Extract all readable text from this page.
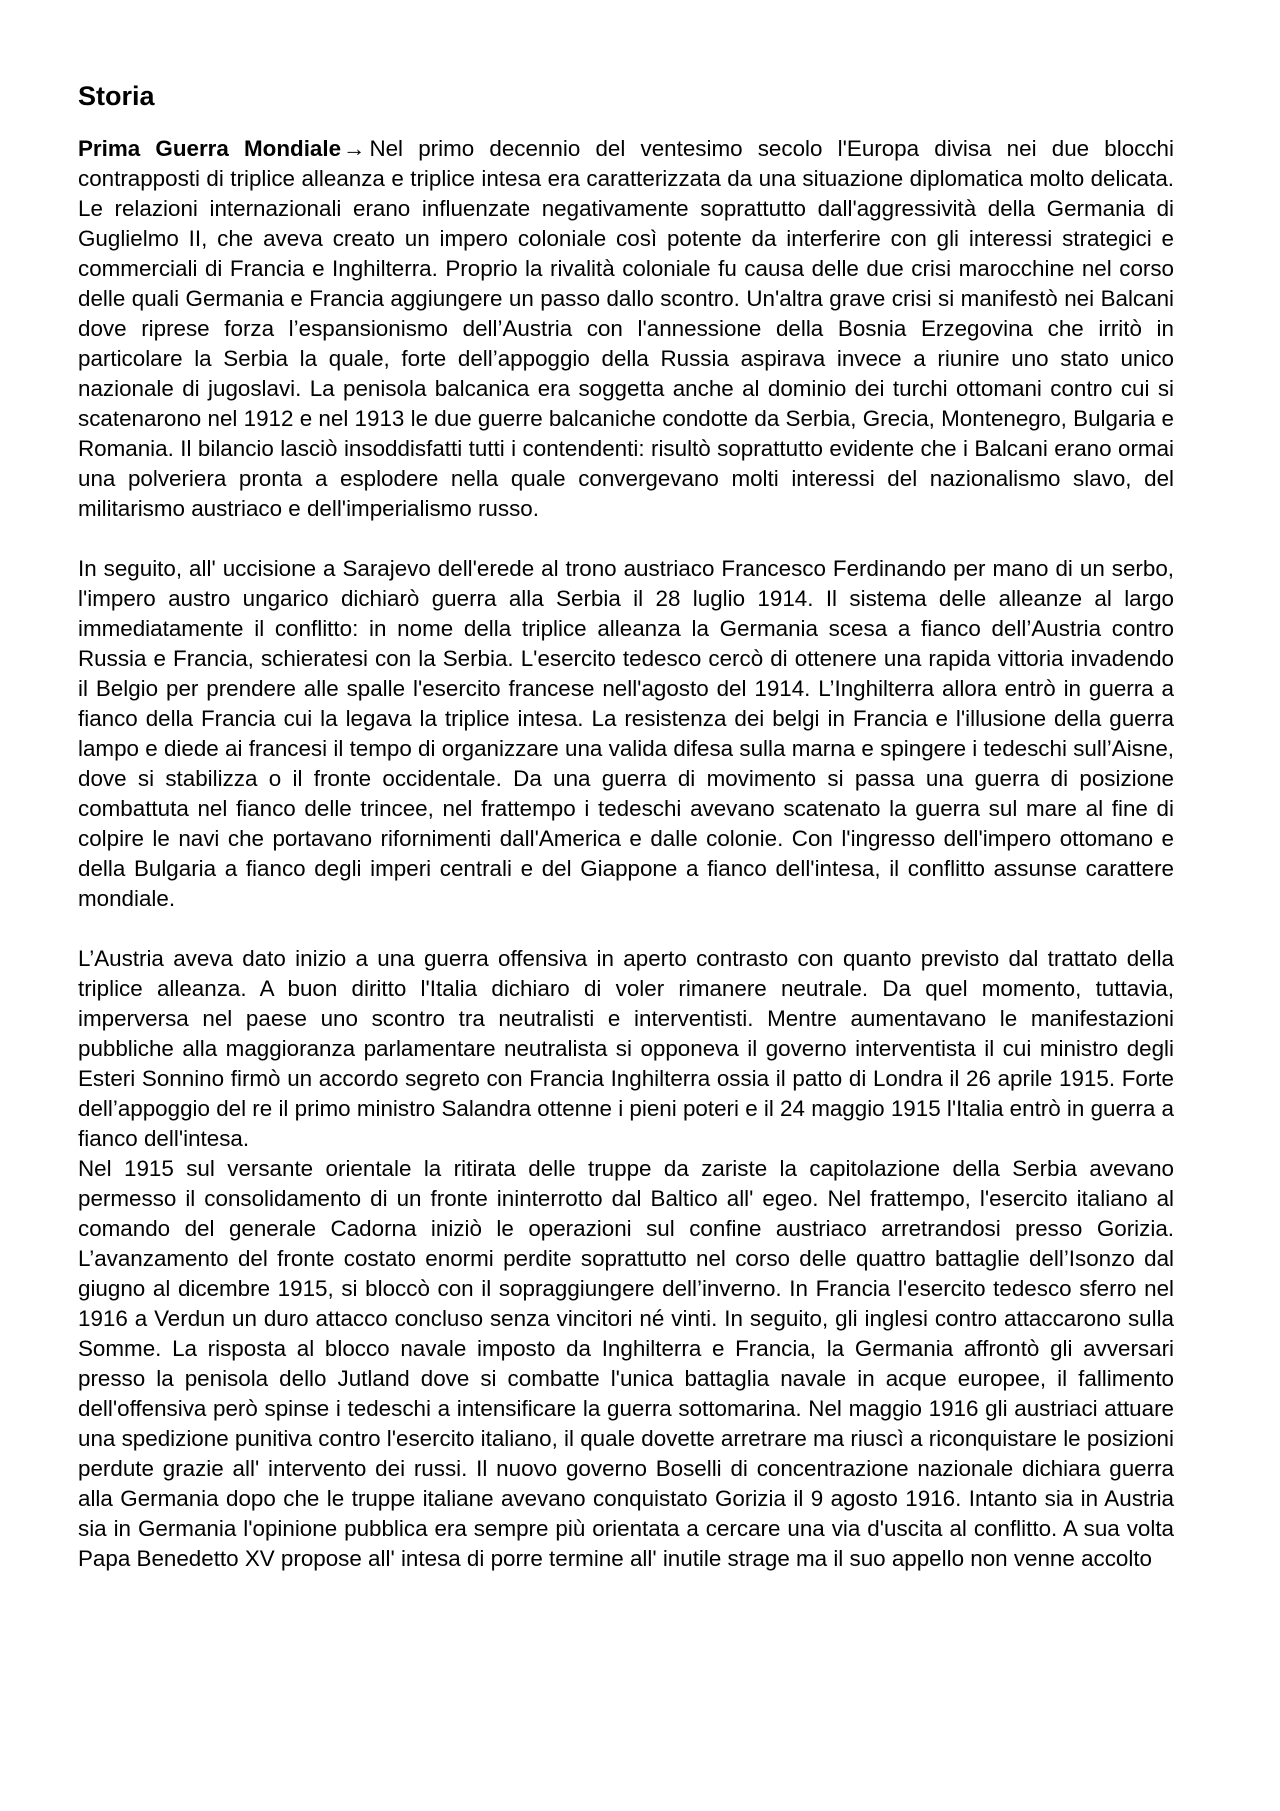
Storia

Prima Guerra Mondiale→ Nel primo decennio del ventesimo secolo l'Europa divisa nei due blocchi contrapposti di triplice alleanza e triplice intesa era caratterizzata da una situazione diplomatica molto delicata. Le relazioni internazionali erano influenzate negativamente soprattutto dall'aggressività della Germania di Guglielmo II, che aveva creato un impero coloniale così potente da interferire con gli interessi strategici e commerciali di Francia e Inghilterra. Proprio la rivalità coloniale fu causa delle due crisi marocchine nel corso delle quali Germania e Francia aggiungere un passo dallo scontro. Un'altra grave crisi si manifestò nei Balcani dove riprese forza l’espansionismo dell’Austria con l'annessione della Bosnia Erzegovina che irritò in particolare la Serbia la quale, forte dell’appoggio della Russia aspirava invece a riunire uno stato unico nazionale di jugoslavi. La penisola balcanica era soggetta anche al dominio dei turchi ottomani contro cui si scatenarono nel 1912 e nel 1913 le due guerre balcaniche condotte da Serbia, Grecia, Montenegro, Bulgaria e Romania. Il bilancio lasciò insoddisfatti tutti i contendenti: risultò soprattutto evidente che i Balcani erano ormai una polveriera pronta a esplodere nella quale convergevano molti interessi del nazionalismo slavo, del militarismo austriaco e dell'imperialismo russo.

In seguito, all' uccisione a Sarajevo dell'erede al trono austriaco Francesco Ferdinando per mano di un serbo, l'impero austro ungarico dichiarò guerra alla Serbia il 28 luglio 1914. Il sistema delle alleanze al largo immediatamente il conflitto: in nome della triplice alleanza la Germania scesa a fianco dell’Austria contro Russia e Francia, schieratesi con la Serbia. L'esercito tedesco cercò di ottenere una rapida vittoria invadendo il Belgio per prendere alle spalle l'esercito francese nell'agosto del 1914. L’Inghilterra allora entrò in guerra a fianco della Francia cui la legava la triplice intesa. La resistenza dei belgi in Francia e l'illusione della guerra lampo e diede ai francesi il tempo di organizzare una valida difesa sulla marna e spingere i tedeschi sull’Aisne, dove si stabilizza o il fronte occidentale. Da una guerra di movimento si passa una guerra di posizione combattuta nel fianco delle trincee, nel frattempo i tedeschi avevano scatenato la guerra sul mare al fine di colpire le navi che portavano rifornimenti dall'America e dalle colonie. Con l'ingresso dell'impero ottomano e della Bulgaria a fianco degli imperi centrali e del Giappone a fianco dell'intesa, il conflitto assunse carattere mondiale.

L’Austria aveva dato inizio a una guerra offensiva in aperto contrasto con quanto previsto dal trattato della triplice alleanza. A buon diritto l'Italia dichiaro di voler rimanere neutrale. Da quel momento, tuttavia, imperversa nel paese uno scontro tra neutralisti e interventisti. Mentre aumentavano le manifestazioni pubbliche alla maggioranza parlamentare neutralista si opponeva il governo interventista il cui ministro degli Esteri Sonnino firmò un accordo segreto con Francia Inghilterra ossia il patto di Londra il 26 aprile 1915. Forte dell’appoggio del re il primo ministro Salandra ottenne i pieni poteri e il 24 maggio 1915 l'Italia entrò in guerra a fianco dell'intesa.

Nel 1915 sul versante orientale la ritirata delle truppe da zariste la capitolazione della Serbia avevano permesso il consolidamento di un fronte ininterrotto dal Baltico all' egeo. Nel frattempo, l'esercito italiano al comando del generale Cadorna iniziò le operazioni sul confine austriaco arretrandosi presso Gorizia. L’avanzamento del fronte costato enormi perdite soprattutto nel corso delle quattro battaglie dell’Isonzo dal giugno al dicembre 1915, si bloccò con il sopraggiungere dell’inverno. In Francia l'esercito tedesco sferro nel 1916 a Verdun un duro attacco concluso senza vincitori né vinti. In seguito, gli inglesi contro attaccarono sulla Somme. La risposta al blocco navale imposto da Inghilterra e Francia, la Germania affrontò gli avversari presso la penisola dello Jutland dove si combatte l'unica battaglia navale in acque europee, il fallimento dell'offensiva però spinse i tedeschi a intensificare la guerra sottomarina. Nel maggio 1916 gli austriaci attuare una spedizione punitiva contro l'esercito italiano, il quale dovette arretrare ma riuscì a riconquistare le posizioni perdute grazie all' intervento dei russi. Il nuovo governo Boselli di concentrazione nazionale dichiara guerra alla Germania dopo che le truppe italiane avevano conquistato Gorizia il 9 agosto 1916. Intanto sia in Austria sia in Germania l'opinione pubblica era sempre più orientata a cercare una via d'uscita al conflitto. A sua volta Papa Benedetto XV propose all' intesa di porre termine all' inutile strage ma il suo appello non venne accolto
